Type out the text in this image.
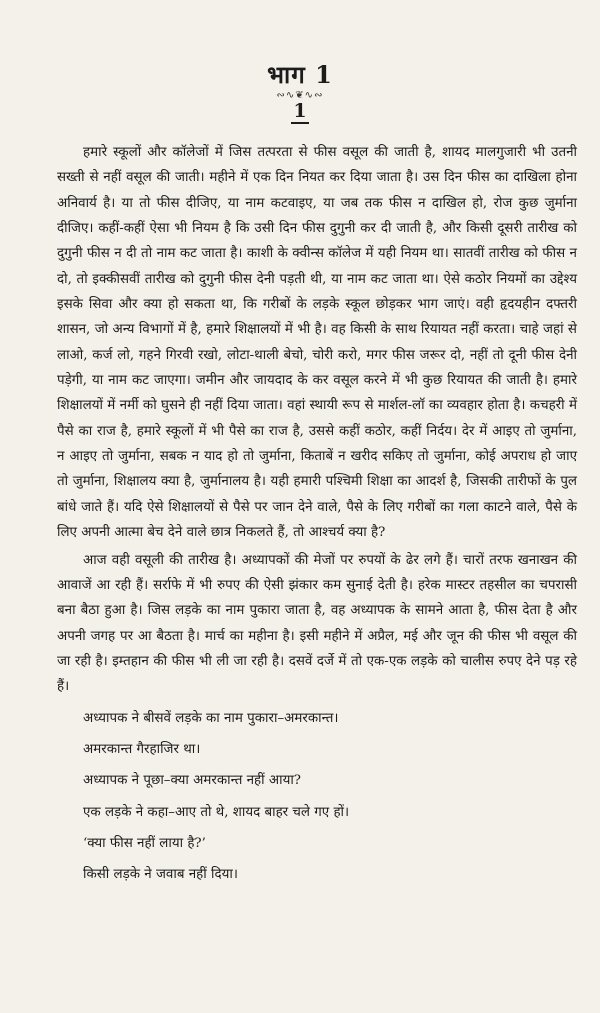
भाग 1
∾∿❦∿∾
1

हमारे स्कूलों और कॉलेजों में जिस तत्परता से फीस वसूल की जाती है, शायद मालगुजारी भी उतनी सख्ती से नहीं वसूल की जाती। महीने में एक दिन नियत कर दिया जाता है। उस दिन फीस का दाखिला होना अनिवार्य है। या तो फीस दीजिए, या नाम कटवाइए, या जब तक फीस न दाखिल हो, रोज कुछ जुर्माना दीजिए। कहीं-कहीं ऐसा भी नियम है कि उसी दिन फीस दुगुनी कर दी जाती है, और किसी दूसरी तारीख को दुगुनी फीस न दी तो नाम कट जाता है। काशी के क्वीन्स कॉलेज में यही नियम था। सातवीं तारीख को फीस न दो, तो इक्कीसवीं तारीख को दुगुनी फीस देनी पड़ती थी, या नाम कट जाता था। ऐसे कठोर नियमों का उद्देश्य इसके सिवा और क्या हो सकता था, कि गरीबों के लड़के स्कूल छोड़कर भाग जाएं। वही हृदयहीन दफ्तरी शासन, जो अन्य विभागों में है, हमारे शिक्षालयों में भी है। वह किसी के साथ रियायत नहीं करता। चाहे जहां से लाओ, कर्ज लो, गहने गिरवी रखो, लोटा-थाली बेचो, चोरी करो, मगर फीस जरूर दो, नहीं तो दूनी फीस देनी पड़ेगी, या नाम कट जाएगा। जमीन और जायदाद के कर वसूल करने में भी कुछ रियायत की जाती है। हमारे शिक्षालयों में नर्मी को घुसने ही नहीं दिया जाता। वहां स्थायी रूप से मार्शल-लॉ का व्यवहार होता है। कचहरी में पैसे का राज है, हमारे स्कूलों में भी पैसे का राज है, उससे कहीं कठोर, कहीं निर्दय। देर में आइए तो जुर्माना, न आइए तो जुर्माना, सबक न याद हो तो जुर्माना, किताबें न खरीद सकिए तो जुर्माना, कोई अपराध हो जाए तो जुर्माना, शिक्षालय क्या है, जुर्मानालय है। यही हमारी पश्चिमी शिक्षा का आदर्श है, जिसकी तारीफों के पुल बांधे जाते हैं। यदि ऐसे शिक्षालयों से पैसे पर जान देने वाले, पैसे के लिए गरीबों का गला काटने वाले, पैसे के लिए अपनी आत्मा बेच देने वाले छात्र निकलते हैं, तो आश्चर्य क्या है?

आज वही वसूली की तारीख है। अध्यापकों की मेजों पर रुपयों के ढेर लगे हैं। चारों तरफ खनाखन की आवाजें आ रही हैं। सर्राफे में भी रुपए की ऐसी झंकार कम सुनाई देती है। हरेक मास्टर तहसील का चपरासी बना बैठा हुआ है। जिस लड़के का नाम पुकारा जाता है, वह अध्यापक के सामने आता है, फीस देता है और अपनी जगह पर आ बैठता है। मार्च का महीना है। इसी महीने में अप्रैल, मई और जून की फीस भी वसूल की जा रही है। इम्तहान की फीस भी ली जा रही है। दसवें दर्जे में तो एक-एक लड़के को चालीस रुपए देने पड़ रहे हैं।

अध्यापक ने बीसवें लड़के का नाम पुकारा–अमरकान्त।

अमरकान्त गैरहाजिर था।

अध्यापक ने पूछा–क्या अमरकान्त नहीं आया?

एक लड़के ने कहा–आए तो थे, शायद बाहर चले गए हों।

‘क्या फीस नहीं लाया है?’

किसी लड़के ने जवाब नहीं दिया।
